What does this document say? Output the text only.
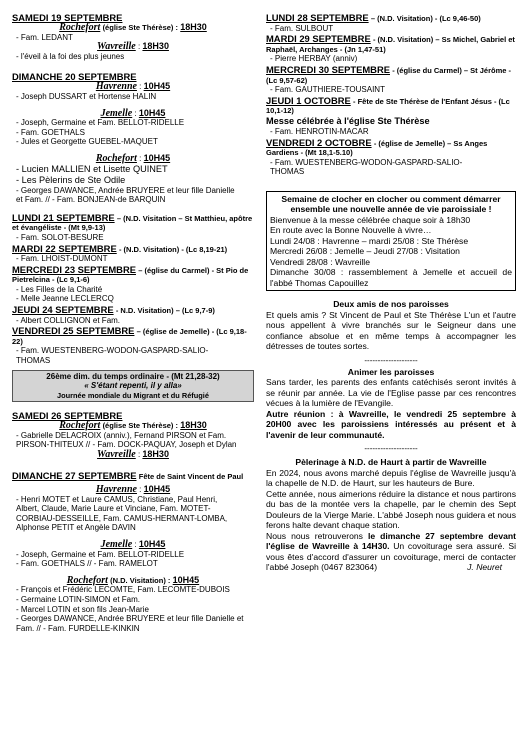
SAMEDI 19 SEPTEMBRE
Rochefort (église Ste Thérèse) : 18H30
- Fam. LEDANT
Wavreille : 18H30
- l'éveil à la foi des plus jeunes
DIMANCHE 20 SEPTEMBRE
Havrenne : 10H45
- Joseph DUSSART et Hortense HALIN
Jemelle : 10H45
- Joseph, Germaine et Fam. BELLOT-RIDELLE
- Fam. GOETHALS
- Jules et Georgette GUEBEL-MAQUET
Rochefort : 10H45
- Lucien MALLIEN et Lisette QUINET
- Les Pèlerins de Ste Odile
- Georges DAWANCE, Andrée BRUYERE et leur fille Danielle
et Fam. // - Fam. BONJEAN-de BARQUIN
LUNDI 21 SEPTEMBRE – (N.D. Visitation – St Matthieu, apôtre et évangéliste - (Mt 9,9-13)
- Fam. SOLOT-BESURE
MARDI 22 SEPTEMBRE - (N.D. Visitation) - (Lc 8,19-21)
- Fam. LHOIST-DUMONT
MERCREDI 23 SEPTEMBRE – (église du Carmel) - St Pio de Pietrelcina - (Lc 9,1-6)
- Les Filles de la Charité
- Melle Jeanne LECLERCQ
JEUDI 24 SEPTEMBRE - N.D. Visitation) – (Lc 9,7-9)
- Albert COLLIGNON et Fam.
VENDREDI 25 SEPTEMBRE – (église de Jemelle) - (Lc 9,18-22)
- Fam. WUESTENBERG-WODON-GASPARD-SALIO-
THOMAS
26ème dim. du temps ordinaire - (Mt 21,28-32)
« S'étant repenti, il y alla»
Journée mondiale du Migrant et du Réfugié
SAMEDI 26 SEPTEMBRE
Rochefort (église Ste Thérèse) : 18H30
- Gabrielle DELACROIX (anniv.), Fernand PIRSON et Fam.
PIRSON-THITEUX // - Fam. DOCK-PAQUAY, Joseph et Dylan
Wavreille : 18H30
DIMANCHE 27 SEPTEMBRE Fête de Saint Vincent de Paul
Havrenne : 10H45
- Henri MOTET et Laure CAMUS, Christiane, Paul Henri,
Albert, Claude, Marie Laure et Vinciane, Fam. MOTET-
CORBIAU-DESSEILLE, Fam. CAMUS-HERMANT-LOMBA,
Alphonse PETIT et Angèle DAVIN
Jemelle : 10H45
- Joseph, Germaine et Fam. BELLOT-RIDELLE
- Fam. GOETHALS // - Fam. RAMELOT
Rochefort (N.D. Visitation) : 10H45
- François et Frédéric LECOMTE, Fam. LECOMTE-DUBOIS
- Germaine LOTIN-SIMON et Fam.
- Marcel LOTIN et son fils Jean-Marie
- Georges DAWANCE, Andrée BRUYERE et leur fille Danielle et
Fam. // - Fam. FURDELLE-KINKIN
LUNDI 28 SEPTEMBRE – (N.D. Visitation) - (Lc 9,46-50)
- Fam. SULBOUT
MARDI 29 SEPTEMBRE - (N.D. Visitation) – Ss Michel, Gabriel et Raphaël, Archanges - (Jn 1,47-51)
- Pierre HERBAY (anniv)
MERCREDI 30 SEPTEMBRE - (église du Carmel) – St Jérôme - (Lc 9,57-62)
- Fam. GAUTHIERE-TOUSAINT
JEUDI 1 OCTOBRE - Fête de Ste Thérèse de l'Enfant Jésus - (Lc 10,1-12)
Messe célébrée à l'église Ste Thérèse
- Fam. HENROTIN-MACAR
VENDREDI 2 OCTOBRE - (église de Jemelle) – Ss Anges Gardiens - (Mt 18,1-5.10)
- Fam. WUESTENBERG-WODON-GASPARD-SALIO-
THOMAS
Semaine de clocher en clocher ou comment démarrer ensemble une nouvelle année de vie paroissiale !
Bienvenue à la messe célébrée chaque soir à 18h30
En route avec la Bonne Nouvelle à vivre…
Lundi 24/08 : Havrenne – mardi 25/08 : Ste Thérèse
Mercredi 26/08 : Jemelle – Jeudi 27/08 : Visitation
Vendredi 28/08 : Wavreille
Dimanche 30/08 : rassemblement à Jemelle et accueil de l'abbé Thomas Capouillez
Deux amis de nos paroisses
Et quels amis ? St Vincent de Paul et Ste Thérèse L'un et l'autre nous appellent à vivre branchés sur le Seigneur dans une confiance absolue et en même temps à accompagner les détresses de toutes sortes.
--------------------
Animer les paroisses
Sans tarder, les parents des enfants catéchisés seront invités à se réunir par année. La vie de l'Eglise passe par ces rencontres vécues à la lumière de l'Evangile.
Autre réunion : à Wavreille, le vendredi 25 septembre à 20H00 avec les paroissiens intéressés au présent et à l'avenir de leur communauté.
--------------------
Pèlerinage à N.D. de Haurt à partir de Wavreille
En 2024, nous avons marché depuis l'église de Wavreille jusqu'à la chapelle de N.D. de Haurt, sur les hauteurs de Bure.
Cette année, nous aimerions réduire la distance et nous partirons du bas de la montée vers la chapelle, par le chemin des Sept Douleurs de la Vierge Marie. L'abbé Joseph nous guidera et nous ferons halte devant chaque station.
Nous nous retrouverons le dimanche 27 septembre devant l'église de Wavreille à 14H30. Un covoiturage sera assuré. Si vous êtes d'accord d'assurer un covoiturage, merci de contacter l'abbé Joseph (0467 823064)	J. Neuret
